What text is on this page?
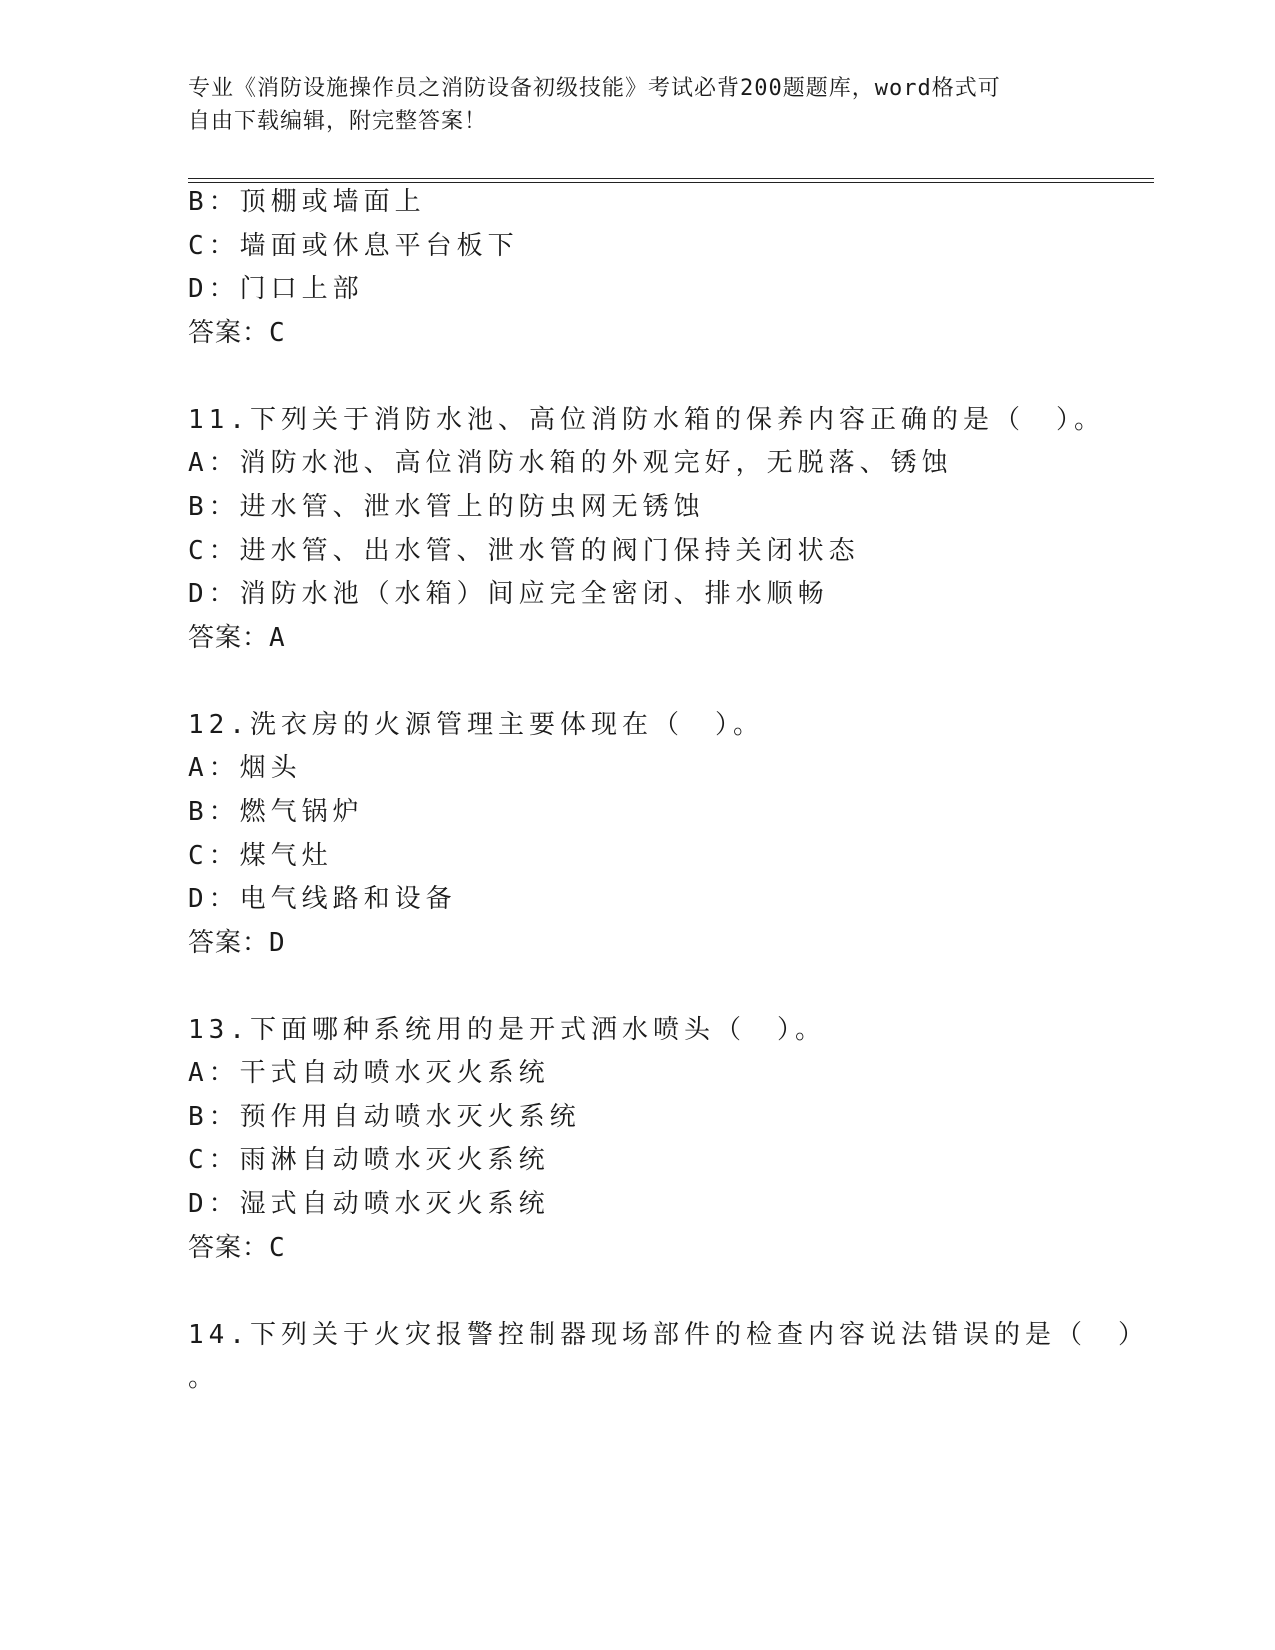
专业《消防设施操作员之消防设备初级技能》考试必背200题题库，word格式可
自由下载编辑，附完整答案！
B：顶棚或墙面上
C：墙面或休息平台板下
D：门口上部
答案：C
11.下列关于消防水池、高位消防水箱的保养内容正确的是（　）。
A：消防水池、高位消防水箱的外观完好，无脱落、锈蚀
B：进水管、泄水管上的防虫网无锈蚀
C：进水管、出水管、泄水管的阀门保持关闭状态
D：消防水池（水箱）间应完全密闭、排水顺畅
答案：A
12.洗衣房的火源管理主要体现在（　）。
A：烟头
B：燃气锅炉
C：煤气灶
D：电气线路和设备
答案：D
13.下面哪种系统用的是开式洒水喷头（　）。
A：干式自动喷水灭火系统
B：预作用自动喷水灭火系统
C：雨淋自动喷水灭火系统
D：湿式自动喷水灭火系统
答案：C
14.下列关于火灾报警控制器现场部件的检查内容说法错误的是（　）
。
